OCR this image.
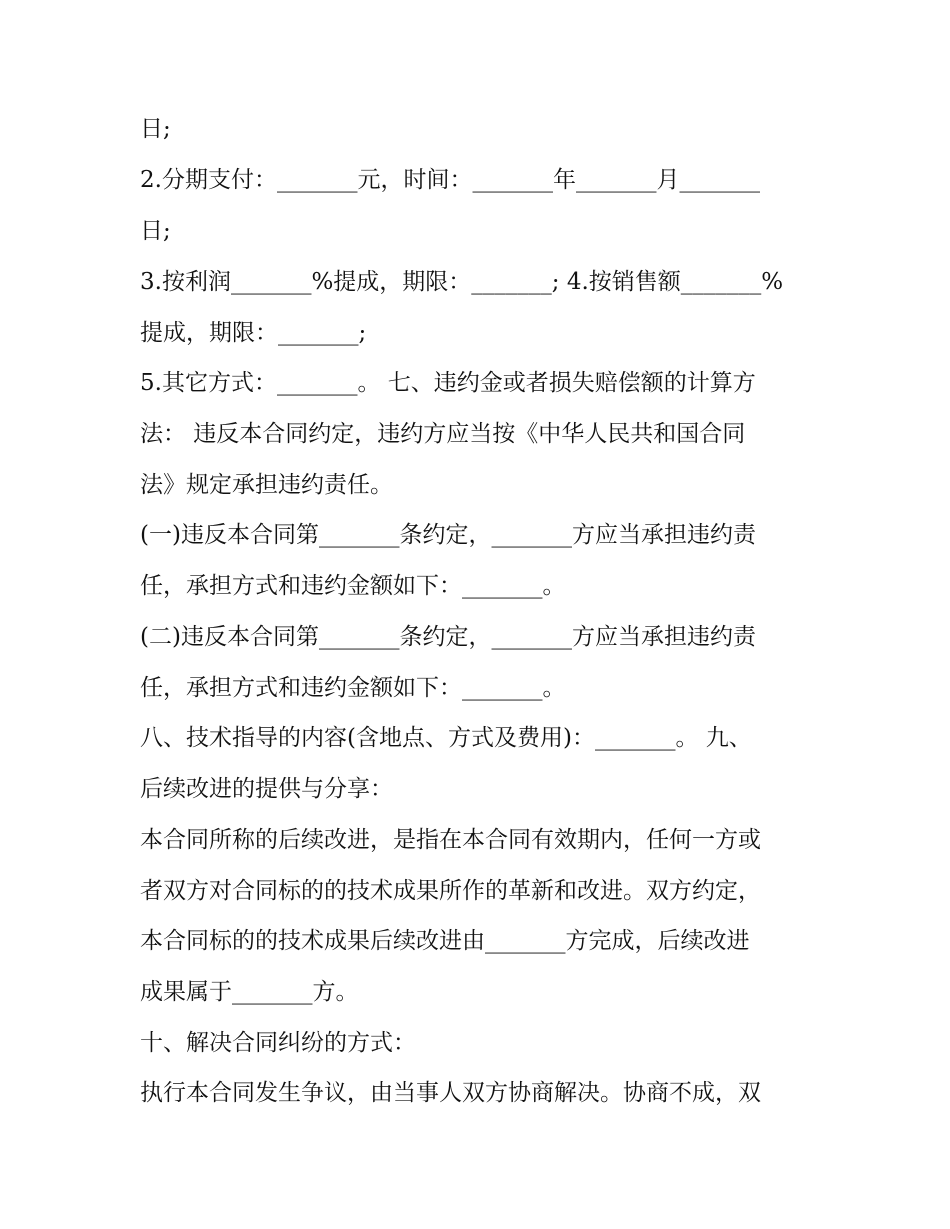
日;
2.分期支付：_______元，时间：_______年_______月_______
日;
3.按利润_______%提成，期限：_______; 4.按销售额_______%
提成，期限：_______;
5.其它方式：_______。 七、违约金或者损失赔偿额的计算方
法： 违反本合同约定，违约方应当按《中华人民共和国合同
法》规定承担违约责任。
(一)违反本合同第_______条约定，_______方应当承担违约责
任，承担方式和违约金额如下：_______。
(二)违反本合同第_______条约定，_______方应当承担违约责
任，承担方式和违约金额如下：_______。
八、技术指导的内容(含地点、方式及费用)：_______。 九、
后续改进的提供与分享：
本合同所称的后续改进，是指在本合同有效期内，任何一方或
者双方对合同标的的技术成果所作的革新和改进。双方约定，
本合同标的的技术成果后续改进由_______方完成，后续改进
成果属于_______方。
十、解决合同纠纷的方式：
执行本合同发生争议，由当事人双方协商解决。协商不成，双
